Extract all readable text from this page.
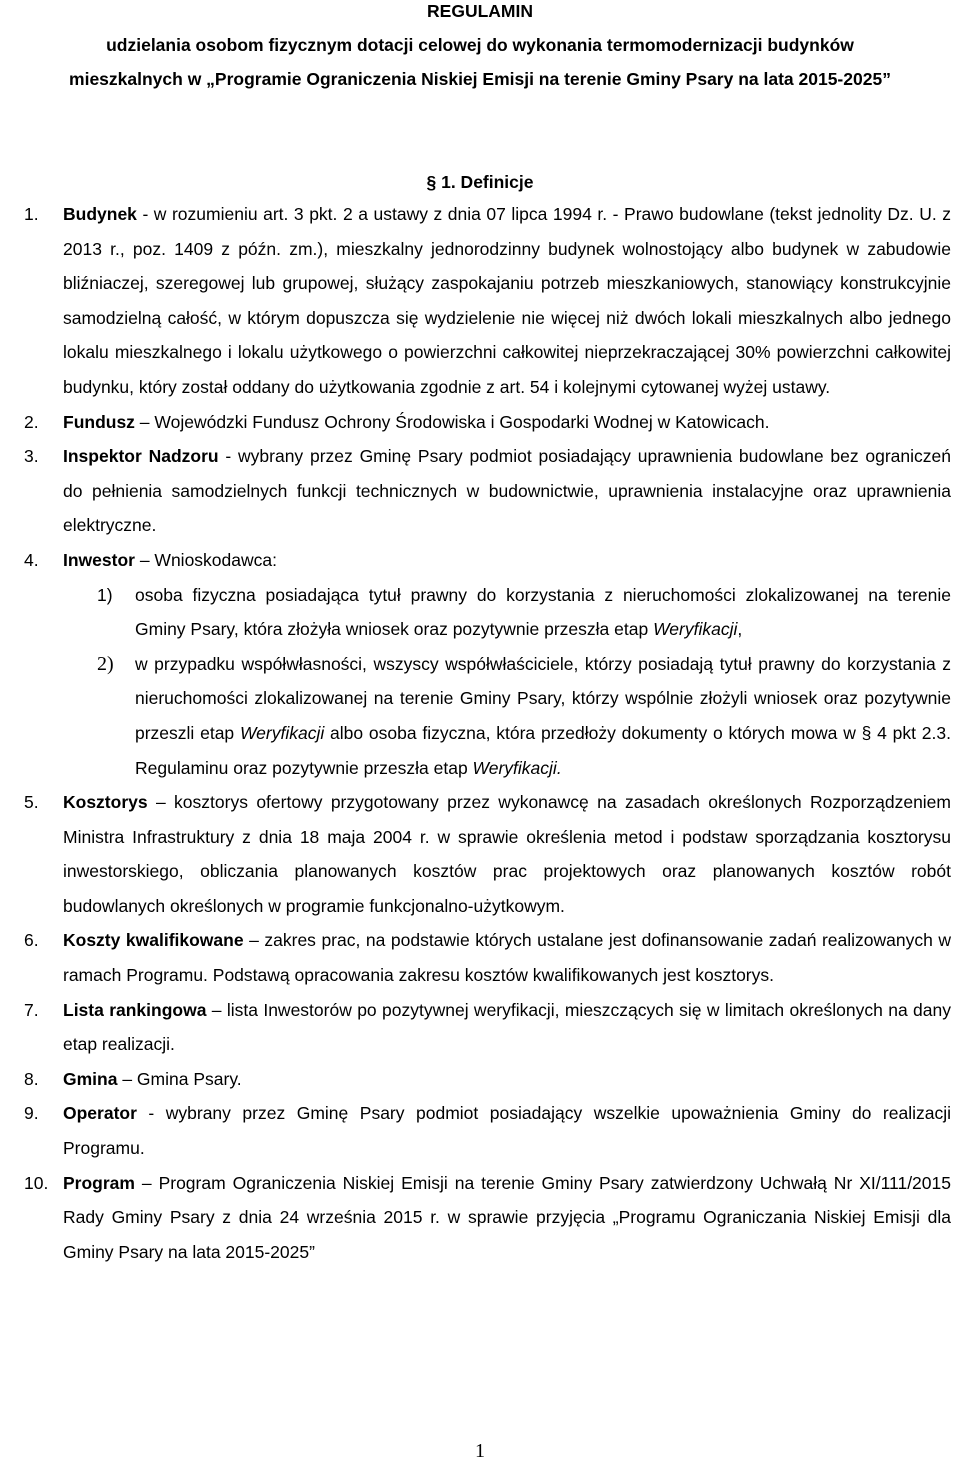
REGULAMIN
udzielania osobom fizycznym dotacji celowej do wykonania termomodernizacji budynków
mieszkalnych w „Programie Ograniczenia Niskiej Emisji na terenie Gminy Psary na lata 2015-2025”
§ 1. Definicje
1. Budynek - w rozumieniu art. 3 pkt. 2 a ustawy z dnia 07 lipca 1994 r. - Prawo budowlane (tekst jednolity Dz. U. z 2013 r., poz. 1409 z późn. zm.), mieszkalny jednorodzinny budynek wolnostojący albo budynek w zabudowie bliźniaczej, szeregowej lub grupowej, służący zaspokajaniu potrzeb mieszkaniowych, stanowiący konstrukcyjnie samodzielną całość, w którym dopuszcza się wydzielenie nie więcej niż dwóch lokali mieszkalnych albo jednego lokalu mieszkalnego i lokalu użytkowego o powierzchni całkowitej nieprzekraczającej 30% powierzchni całkowitej budynku, który został oddany do użytkowania zgodnie z art. 54 i kolejnymi cytowanej wyżej ustawy.
2. Fundusz – Wojewódzki Fundusz Ochrony Środowiska i Gospodarki Wodnej w Katowicach.
3. Inspektor Nadzoru - wybrany przez Gminę Psary podmiot posiadający uprawnienia budowlane bez ograniczeń do pełnienia samodzielnych funkcji technicznych w budownictwie, uprawnienia instalacyjne oraz uprawnienia elektryczne.
4. Inwestor – Wnioskodawca:
1) osoba fizyczna posiadająca tytuł prawny do korzystania z nieruchomości zlokalizowanej na terenie Gminy Psary, która złożyła wniosek oraz pozytywnie przeszła etap Weryfikacji,
2) w przypadku współwłasności, wszyscy współwłaściciele, którzy posiadają tytuł prawny do korzystania z nieruchomości zlokalizowanej na terenie Gminy Psary, którzy wspólnie złożyli wniosek oraz pozytywnie przeszli etap Weryfikacji albo osoba fizyczna, która przedłoży dokumenty o których mowa w § 4 pkt 2.3. Regulaminu oraz pozytywnie przeszła etap Weryfikacji.
5. Kosztorys – kosztorys ofertowy przygotowany przez wykonawcę na zasadach określonych Rozporządzeniem Ministra Infrastruktury z dnia 18 maja 2004 r. w sprawie określenia metod i podstaw sporządzania kosztorysu inwestorskiego, obliczania planowanych kosztów prac projektowych oraz planowanych kosztów robót budowlanych określonych w programie funkcjonalno-użytkowym.
6. Koszty kwalifikowane – zakres prac, na podstawie których ustalane jest dofinansowanie zadań realizowanych w ramach Programu. Podstawą opracowania zakresu kosztów kwalifikowanych jest kosztorys.
7. Lista rankingowa – lista Inwestorów po pozytywnej weryfikacji, mieszczących się w limitach określonych na dany etap realizacji.
8. Gmina – Gmina Psary.
9. Operator - wybrany przez Gminę Psary podmiot posiadający wszelkie upoważnienia Gminy do realizacji Programu.
10. Program – Program Ograniczenia Niskiej Emisji na terenie Gminy Psary zatwierdzony Uchwałą Nr XI/111/2015 Rady Gminy Psary z dnia 24 września 2015 r. w sprawie przyjęcia „Programu Ograniczania Niskiej Emisji dla Gminy Psary na lata 2015-2025”
1
